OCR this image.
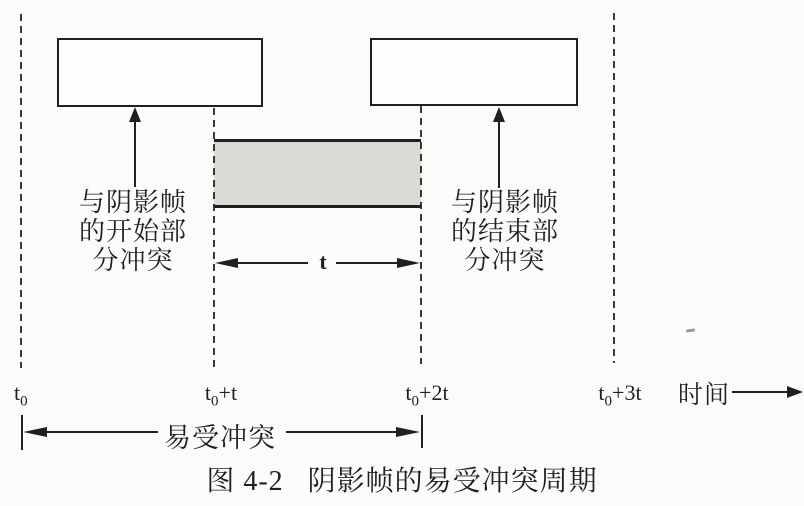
与阴影帧
的开始部
分冲突
与阴影帧
的结束部
分冲突
t
$t_0$	$t_0+t$	$t_0+2t$	$t_0+3t$	时间
易受冲突
图 4-2 阴影帧的易受冲突周期
